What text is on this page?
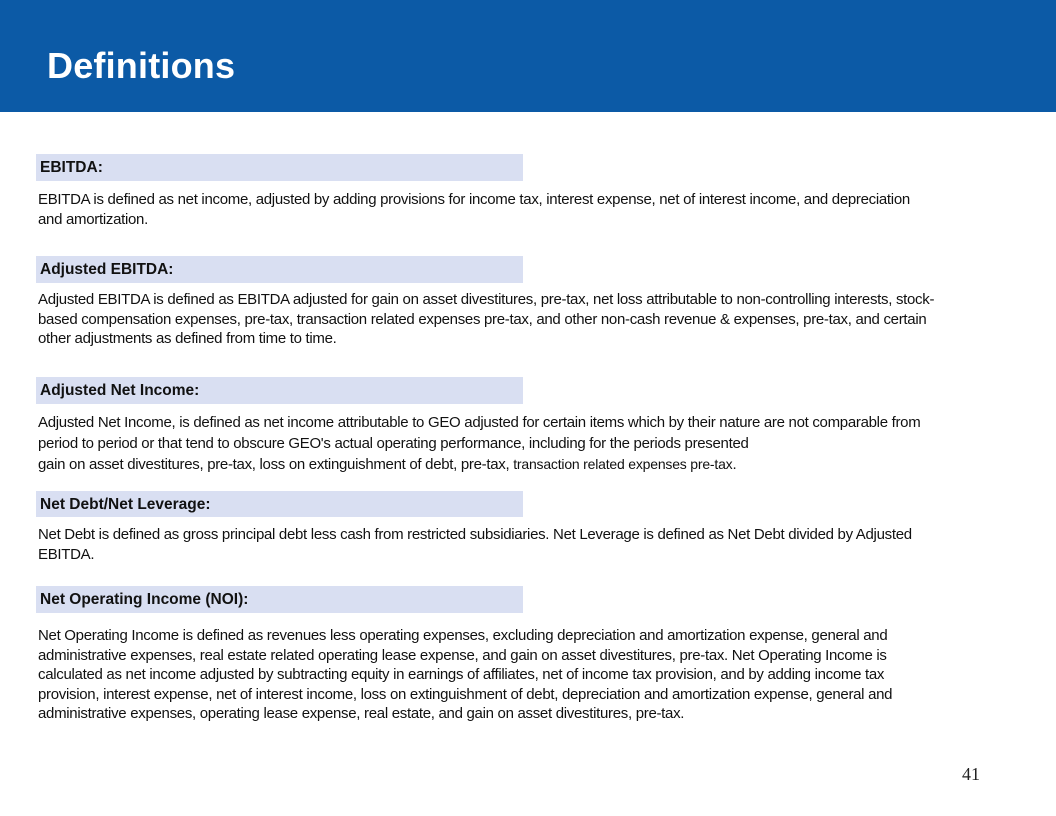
Definitions
EBITDA:
EBITDA is defined as net income, adjusted by adding provisions for income tax, interest expense, net of interest income, and depreciation
and amortization.
Adjusted EBITDA:
Adjusted EBITDA is defined as EBITDA adjusted for gain on asset divestitures, pre-tax, net loss attributable to non-controlling interests, stock-
based compensation expenses, pre-tax, transaction related expenses pre-tax, and other non-cash revenue & expenses, pre-tax, and certain
other adjustments as defined from time to time.
Adjusted Net Income:
Adjusted Net Income, is defined as net income attributable to GEO adjusted for certain items which by their nature are not comparable from
period to period or that tend to obscure GEO's actual operating performance, including for the periods presented
gain on asset divestitures, pre-tax, loss on extinguishment of debt, pre-tax, transaction related expenses pre-tax.
Net Debt/Net Leverage:
Net Debt is defined as gross principal debt less cash from restricted subsidiaries. Net Leverage is defined as Net Debt divided by Adjusted
EBITDA.
Net Operating Income (NOI):
Net Operating Income is defined as revenues less operating expenses, excluding depreciation and amortization expense, general and
administrative expenses, real estate related operating lease expense, and gain on asset divestitures, pre-tax. Net Operating Income is
calculated as net income adjusted by subtracting equity in earnings of affiliates, net of income tax provision, and by adding income tax
provision, interest expense, net of interest income, loss on extinguishment of debt, depreciation and amortization expense, general and
administrative expenses, operating lease expense, real estate, and gain on asset divestitures, pre-tax.
41
